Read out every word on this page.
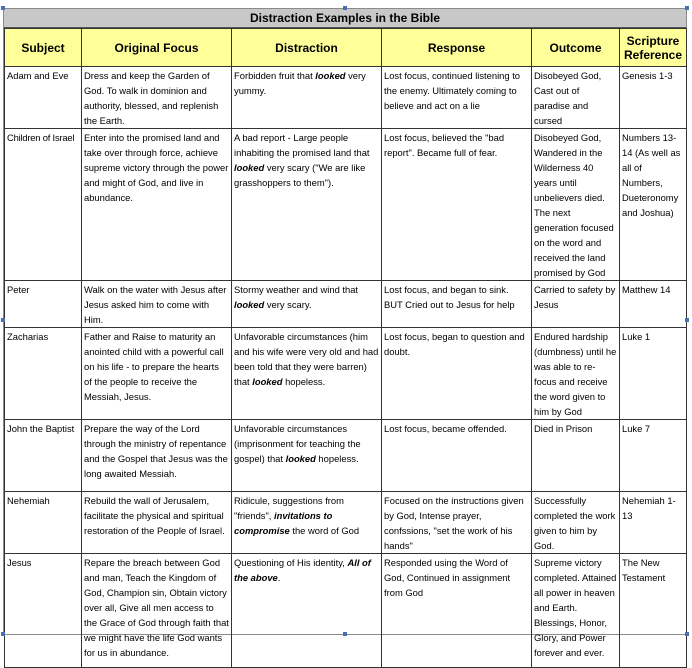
Distraction Examples in the Bible
Subject	Original Focus	Distraction	Response	Outcome	Scripture Reference
Adam and Eve	Dress and keep the Garden of God. To walk in dominion and authority, blessed, and replenish the Earth.	Forbidden fruit that looked very yummy.	Lost focus, continued listening to the enemy. Ultimately coming to believe and act on a lie	Disobeyed God, Cast out of paradise and cursed	Genesis 1-3
Children of Israel	Enter into the promised land and take over through force, achieve supreme victory through the power and might of God, and live in abundance.	A bad report - Large people inhabiting the promised land that looked very scary ("We are like grasshoppers to them").	Lost focus, believed the "bad report". Became full of fear.	Disobeyed God, Wandered in the Wilderness 40 years until unbelievers died. The next generation focused on the word and received the land promised by God	Numbers 13-14 (As well as all of Numbers, Dueteronomy and Joshua)
Peter	Walk on the water with Jesus after Jesus asked him to come with Him.	Stormy weather and wind that looked very scary.	Lost focus, and began to sink. BUT Cried out to Jesus for help	Carried to safety by Jesus	Matthew 14
Zacharias	Father and Raise to maturity an anointed child with a powerful call on his life - to prepare the hearts of the people to receive the Messiah, Jesus.	Unfavorable circumstances (him and his wife were very old and had been told that they were barren) that looked hopeless.	Lost focus, began to question and doubt.	Endured hardship (dumbness) until he was able to re-focus and receive the word given to him by God	Luke 1
John the Baptist	Prepare the way of the Lord through the ministry of repentance and the Gospel that Jesus was the long awaited Messiah.	Unfavorable circumstances (imprisonment for teaching the gospel) that looked hopeless.	Lost focus, became offended.	Died in Prison	Luke 7
Nehemiah	Rebuild the wall of Jerusalem, facilitate the physical and spiritual restoration of the People of Israel.	Ridicule, suggestions from "friends", invitations to compromise the word of God	Focused on the instructions given by God, Intense prayer, confssions, "set the work of his hands"	Successfully completed the work given to him by God.	Nehemiah 1-13
Jesus	Repare the breach between God and man, Teach the Kingdom of God, Champion sin, Obtain victory over all, Give all men access to the Grace of God through faith that we might have the life God wants for us in abundance.	Questioning of His identity, All of the above.	Responded using the Word of God, Continued in assignment from God	Supreme victory completed. Attained all power in heaven and Earth. Blessings, Honor, Glory, and Power forever and ever.	The New Testament
